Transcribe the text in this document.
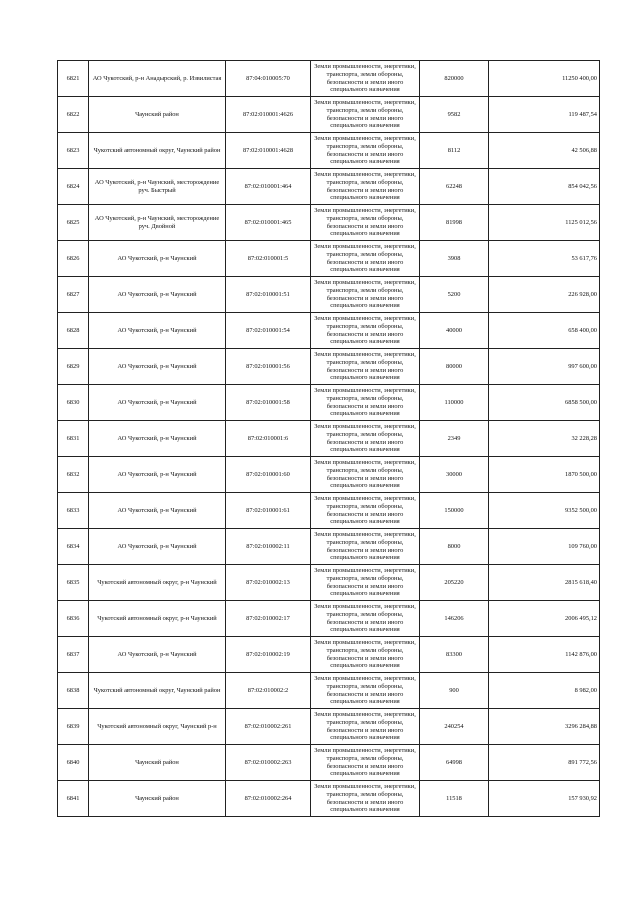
6821	АО Чукотский, р-н Анадырский, р. Извилистая	87:04:010005:70	Земли промышленности, энергетики, транспорта, земли обороны, безопасности и земли иного специального назначения	820000	11250 400,00
6822	Чаунский район	87:02:010001:4626	Земли промышленности, энергетики, транспорта, земли обороны, безопасности и земли иного специального назначения	9582	119 487,54
6823	Чукотский автономный округ, Чаунский район	87:02:010001:4628	Земли промышленности, энергетики, транспорта, земли обороны, безопасности и земли иного специального назначения	8112	42 506,88
6824	АО Чукотский, р-н Чаунский, месторождение руч. Быстрый	87:02:010001:464	Земли промышленности, энергетики, транспорта, земли обороны, безопасности и земли иного специального назначения	62248	854 042,56
6825	АО Чукотский, р-н Чаунский, месторождение руч. Двойной	87:02:010001:465	Земли промышленности, энергетики, транспорта, земли обороны, безопасности и земли иного специального назначения	81998	1125 012,56
6826	АО Чукотский, р-н Чаунский	87:02:010001:5	Земли промышленности, энергетики, транспорта, земли обороны, безопасности и земли иного специального назначения	3908	53 617,76
6827	АО Чукотский, р-н Чаунский	87:02:010001:51	Земли промышленности, энергетики, транспорта, земли обороны, безопасности и земли иного специального назначения	5200	226 928,00
6828	АО Чукотский, р-н Чаунский	87:02:010001:54	Земли промышленности, энергетики, транспорта, земли обороны, безопасности и земли иного специального назначения	40000	658 400,00
6829	АО Чукотский, р-н Чаунский	87:02:010001:56	Земли промышленности, энергетики, транспорта, земли обороны, безопасности и земли иного специального назначения	80000	997 600,00
6830	АО Чукотский, р-н Чаунский	87:02:010001:58	Земли промышленности, энергетики, транспорта, земли обороны, безопасности и земли иного специального назначения	110000	6858 500,00
6831	АО Чукотский, р-н Чаунский	87:02:010001:6	Земли промышленности, энергетики, транспорта, земли обороны, безопасности и земли иного специального назначения	2349	32 228,28
6832	АО Чукотский, р-н Чаунский	87:02:010001:60	Земли промышленности, энергетики, транспорта, земли обороны, безопасности и земли иного специального назначения	30000	1870 500,00
6833	АО Чукотский, р-н Чаунский	87:02:010001:61	Земли промышленности, энергетики, транспорта, земли обороны, безопасности и земли иного специального назначения	150000	9352 500,00
6834	АО Чукотский, р-н Чаунский	87:02:010002:11	Земли промышленности, энергетики, транспорта, земли обороны, безопасности и земли иного специального назначения	8000	109 760,00
6835	Чукотский автономный округ, р-н Чаунский	87:02:010002:13	Земли промышленности, энергетики, транспорта, земли обороны, безопасности и земли иного специального назначения	205220	2815 618,40
6836	Чукотский автономный округ, р-н Чаунский	87:02:010002:17	Земли промышленности, энергетики, транспорта, земли обороны, безопасности и земли иного специального назначения	146206	2006 495,12
6837	АО Чукотский, р-н Чаунский	87:02:010002:19	Земли промышленности, энергетики, транспорта, земли обороны, безопасности и земли иного специального назначения	83300	1142 876,00
6838	Чукотский автономный округ, Чаунский район	87:02:010002:2	Земли промышленности, энергетики, транспорта, земли обороны, безопасности и земли иного специального назначения	900	8 982,00
6839	Чукотский автономный округ, Чаунский р-н	87:02:010002:261	Земли промышленности, энергетики, транспорта, земли обороны, безопасности и земли иного специального назначения	240254	3296 284,88
6840	Чаунский район	87:02:010002:263	Земли промышленности, энергетики, транспорта, земли обороны, безопасности и земли иного специального назначения	64998	891 772,56
6841	Чаунский район	87:02:010002:264	Земли промышленности, энергетики, транспорта, земли обороны, безопасности и земли иного специального назначения	11518	157 930,92
